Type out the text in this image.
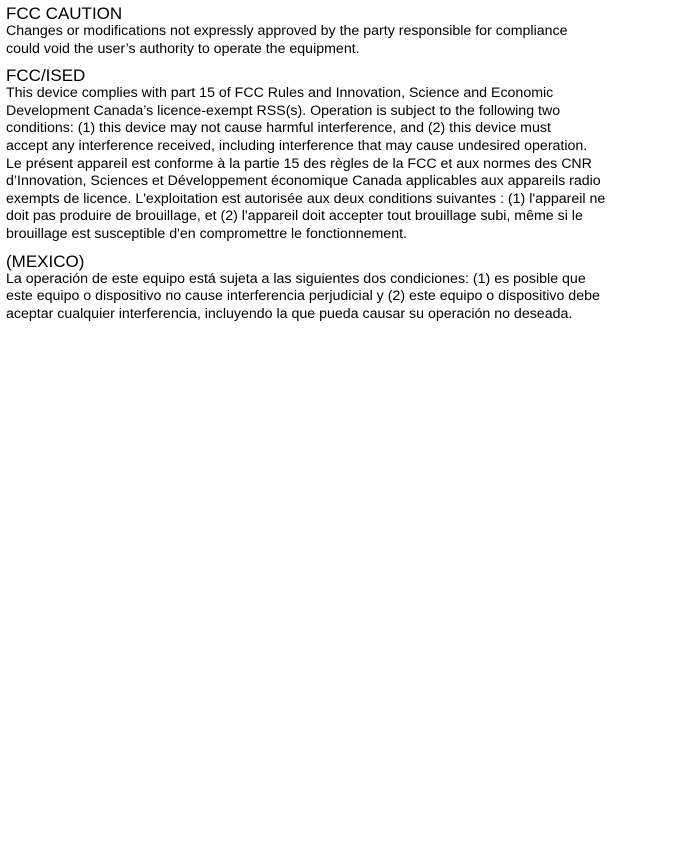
FCC CAUTION
Changes or modifications not expressly approved by the party responsible for compliance
could void the user’s authority to operate the equipment.
FCC/ISED
This device complies with part 15 of FCC Rules and Innovation, Science and Economic
Development Canada’s licence-exempt RSS(s). Operation is subject to the following two
conditions: (1) this device may not cause harmful interference, and (2) this device must
accept any interference received, including interference that may cause undesired operation.
Le présent appareil est conforme à la partie 15 des règles de la FCC et aux normes des CNR
d’Innovation, Sciences et Développement économique Canada applicables aux appareils radio
exempts de licence. L'exploitation est autorisée aux deux conditions suivantes : (1) l'appareil ne
doit pas produire de brouillage, et (2) l'appareil doit accepter tout brouillage subi, même si le
brouillage est susceptible d'en compromettre le fonctionnement.
(MEXICO)
La operación de este equipo está sujeta a las siguientes dos condiciones: (1) es posible que
este equipo o dispositivo no cause interferencia perjudicial y (2) este equipo o dispositivo debe
aceptar cualquier interferencia, incluyendo la que pueda causar su operación no deseada.
